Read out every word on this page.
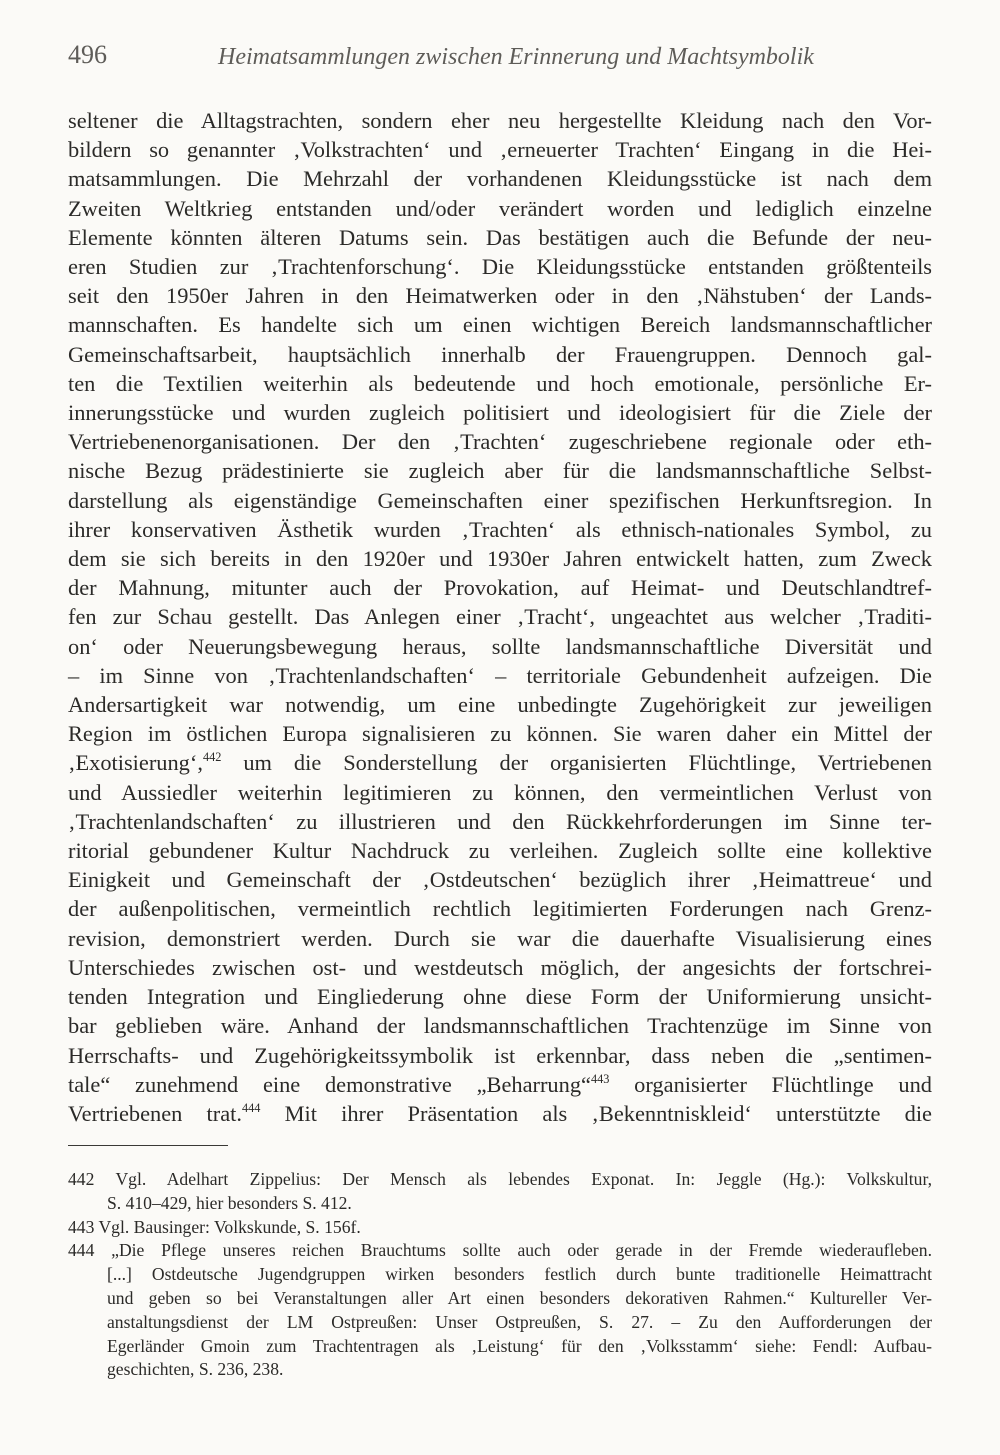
496	Heimatsammlungen zwischen Erinnerung und Machtsymbolik
seltener die Alltagstrachten, sondern eher neu hergestellte Kleidung nach den Vor-
bildern so genannter ‚Volkstrachten‘ und ‚erneuerter Trachten‘ Eingang in die Hei-
matsammlungen. Die Mehrzahl der vorhandenen Kleidungsstücke ist nach dem
Zweiten Weltkrieg entstanden und/oder verändert worden und lediglich einzelne
Elemente könnten älteren Datums sein. Das bestätigen auch die Befunde der neu-
eren Studien zur ‚Trachtenforschung‘. Die Kleidungsstücke entstanden größtenteils
seit den 1950er Jahren in den Heimatwerken oder in den ‚Nähstuben‘ der Lands-
mannschaften. Es handelte sich um einen wichtigen Bereich landsmannschaftlicher
Gemeinschaftsarbeit, hauptsächlich innerhalb der Frauengruppen. Dennoch gal-
ten die Textilien weiterhin als bedeutende und hoch emotionale, persönliche Er-
innerungsstücke und wurden zugleich politisiert und ideologisiert für die Ziele der
Vertriebenenorganisationen. Der den ‚Trachten‘ zugeschriebene regionale oder eth-
nische Bezug prädestinierte sie zugleich aber für die landsmannschaftliche Selbst-
darstellung als eigenständige Gemeinschaften einer spezifischen Herkunftsregion. In
ihrer konservativen Ästhetik wurden ‚Trachten‘ als ethnisch-nationales Symbol, zu
dem sie sich bereits in den 1920er und 1930er Jahren entwickelt hatten, zum Zweck
der Mahnung, mitunter auch der Provokation, auf Heimat- und Deutschlandtref-
fen zur Schau gestellt. Das Anlegen einer ‚Tracht‘, ungeachtet aus welcher ‚Traditi-
on‘ oder Neuerungsbewegung heraus, sollte landsmannschaftliche Diversität und
– im Sinne von ‚Trachtenlandschaften‘ – territoriale Gebundenheit aufzeigen. Die
Andersartigkeit war notwendig, um eine unbedingte Zugehörigkeit zur jeweiligen
Region im östlichen Europa signalisieren zu können. Sie waren daher ein Mittel der
‚Exotisierung‘,$^{442}$ um die Sonderstellung der organisierten Flüchtlinge, Vertriebenen
und Aussiedler weiterhin legitimieren zu können, den vermeintlichen Verlust von
‚Trachtenlandschaften‘ zu illustrieren und den Rückkehrforderungen im Sinne ter-
ritorial gebundener Kultur Nachdruck zu verleihen. Zugleich sollte eine kollektive
Einigkeit und Gemeinschaft der ‚Ostdeutschen‘ bezüglich ihrer ‚Heimattreue‘ und
der außenpolitischen, vermeintlich rechtlich legitimierten Forderungen nach Grenz-
revision, demonstriert werden. Durch sie war die dauerhafte Visualisierung eines
Unterschiedes zwischen ost- und westdeutsch möglich, der angesichts der fortschrei-
tenden Integration und Eingliederung ohne diese Form der Uniformierung unsicht-
bar geblieben wäre. Anhand der landsmannschaftlichen Trachtenzüge im Sinne von
Herrschafts- und Zugehörigkeitssymbolik ist erkennbar, dass neben die „sentimen-
tale“ zunehmend eine demonstrative „Beharrung“$^{443}$ organisierter Flüchtlinge und
Vertriebenen trat.$^{444}$ Mit ihrer Präsentation als ‚Bekenntniskleid‘ unterstützte die
442 Vgl. Adelhart Zippelius: Der Mensch als lebendes Exponat. In: Jeggle (Hg.): Volkskultur,
S. 410–429, hier besonders S. 412.
443 Vgl. Bausinger: Volkskunde, S. 156f.
444 „Die Pflege unseres reichen Brauchtums sollte auch oder gerade in der Fremde wiederaufleben.
[...] Ostdeutsche Jugendgruppen wirken besonders festlich durch bunte traditionelle Heimattracht
und geben so bei Veranstaltungen aller Art einen besonders dekorativen Rahmen.“ Kultureller Ver-
anstaltungsdienst der LM Ostpreußen: Unser Ostpreußen, S. 27. – Zu den Aufforderungen der
Egerländer Gmoin zum Trachtentragen als ‚Leistung‘ für den ‚Volksstamm‘ siehe: Fendl: Aufbau-
geschichten, S. 236, 238.
